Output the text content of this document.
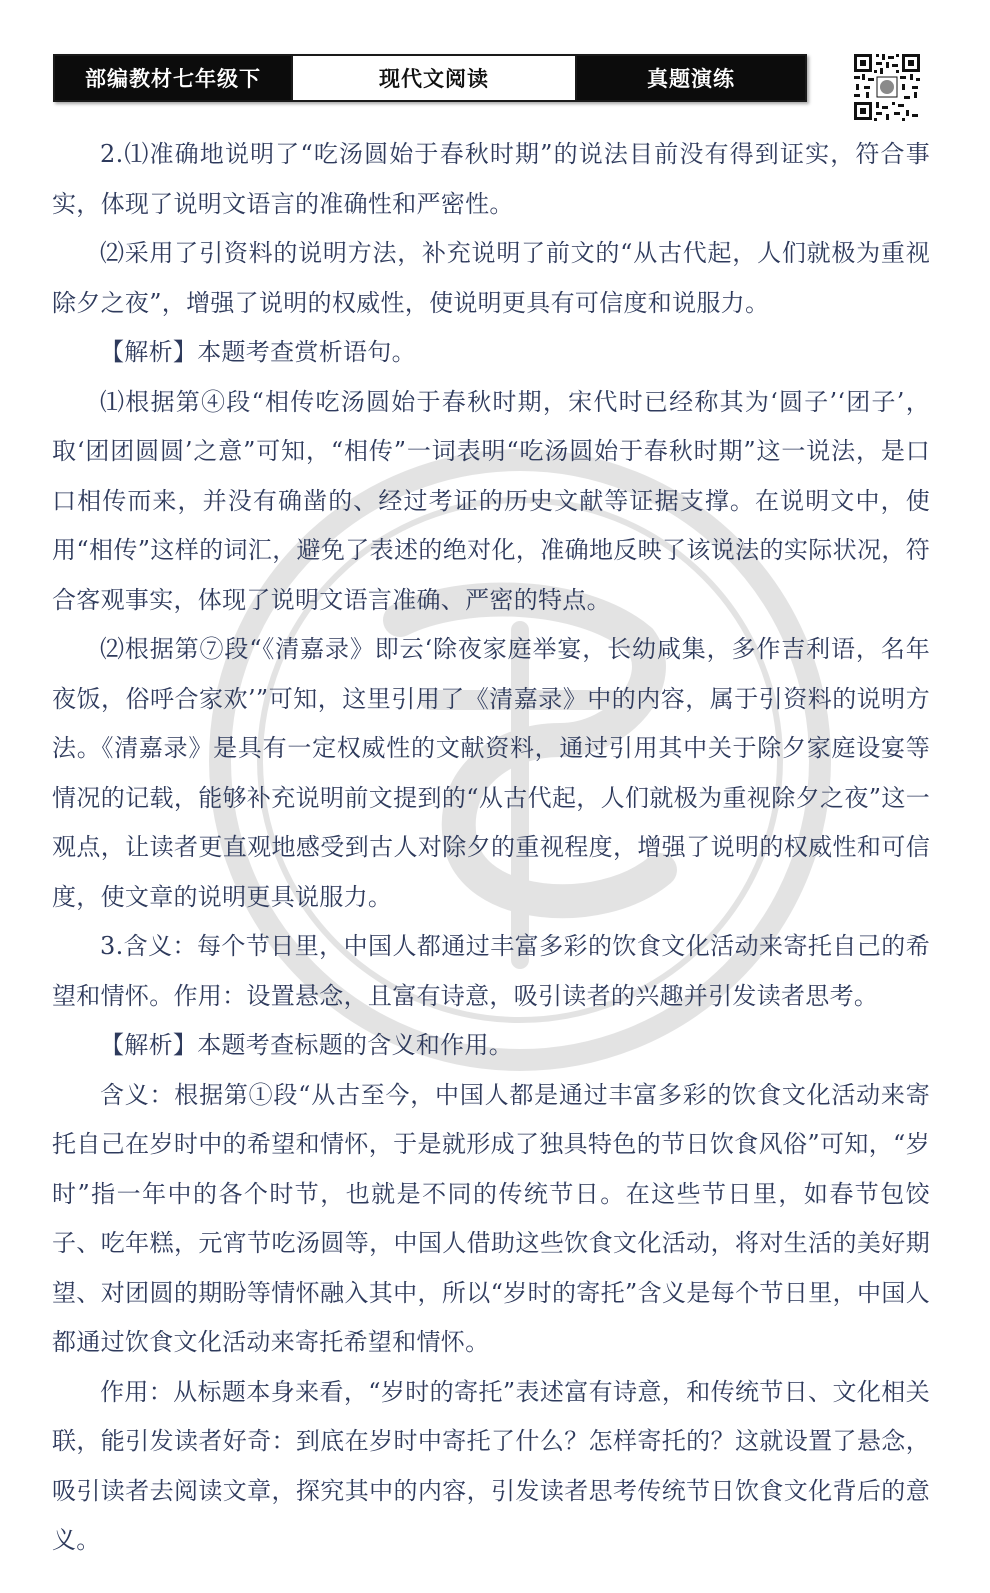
部编教材七年级下	现代文阅读	真题演练

2.⑴准确地说明了“吃汤圆始于春秋时期”的说法目前没有得到证实，符合事实，体现了说明文语言的准确性和严密性。

⑵采用了引资料的说明方法，补充说明了前文的“从古代起，人们就极为重视除夕之夜”，增强了说明的权威性，使说明更具有可信度和说服力。

【解析】本题考查赏析语句。

⑴根据第④段“相传吃汤圆始于春秋时期，宋代时已经称其为‘圆子’‘团子’，取‘团团圆圆’之意”可知，“相传”一词表明“吃汤圆始于春秋时期”这一说法，是口口相传而来，并没有确凿的、经过考证的历史文献等证据支撑。在说明文中，使用“相传”这样的词汇，避免了表述的绝对化，准确地反映了该说法的实际状况，符合客观事实，体现了说明文语言准确、严密的特点。

⑵根据第⑦段“《清嘉录》即云‘除夜家庭举宴，长幼咸集，多作吉利语，名年夜饭，俗呼合家欢’”可知，这里引用了《清嘉录》中的内容，属于引资料的说明方法。《清嘉录》是具有一定权威性的文献资料，通过引用其中关于除夕家庭设宴等情况的记载，能够补充说明前文提到的“从古代起，人们就极为重视除夕之夜”这一观点，让读者更直观地感受到古人对除夕的重视程度，增强了说明的权威性和可信度，使文章的说明更具说服力。

3.含义：每个节日里，中国人都通过丰富多彩的饮食文化活动来寄托自己的希望和情怀。作用：设置悬念，且富有诗意，吸引读者的兴趣并引发读者思考。

【解析】本题考查标题的含义和作用。

含义：根据第①段“从古至今，中国人都是通过丰富多彩的饮食文化活动来寄托自己在岁时中的希望和情怀，于是就形成了独具特色的节日饮食风俗”可知，“岁时”指一年中的各个时节，也就是不同的传统节日。在这些节日里，如春节包饺子、吃年糕，元宵节吃汤圆等，中国人借助这些饮食文化活动，将对生活的美好期望、对团圆的期盼等情怀融入其中，所以“岁时的寄托”含义是每个节日里，中国人都通过饮食文化活动来寄托希望和情怀。

作用：从标题本身来看，“岁时的寄托”表述富有诗意，和传统节日、文化相关联，能引发读者好奇：到底在岁时中寄托了什么？怎样寄托的？这就设置了悬念，吸引读者去阅读文章，探究其中的内容，引发读者思考传统节日饮食文化背后的意义。
